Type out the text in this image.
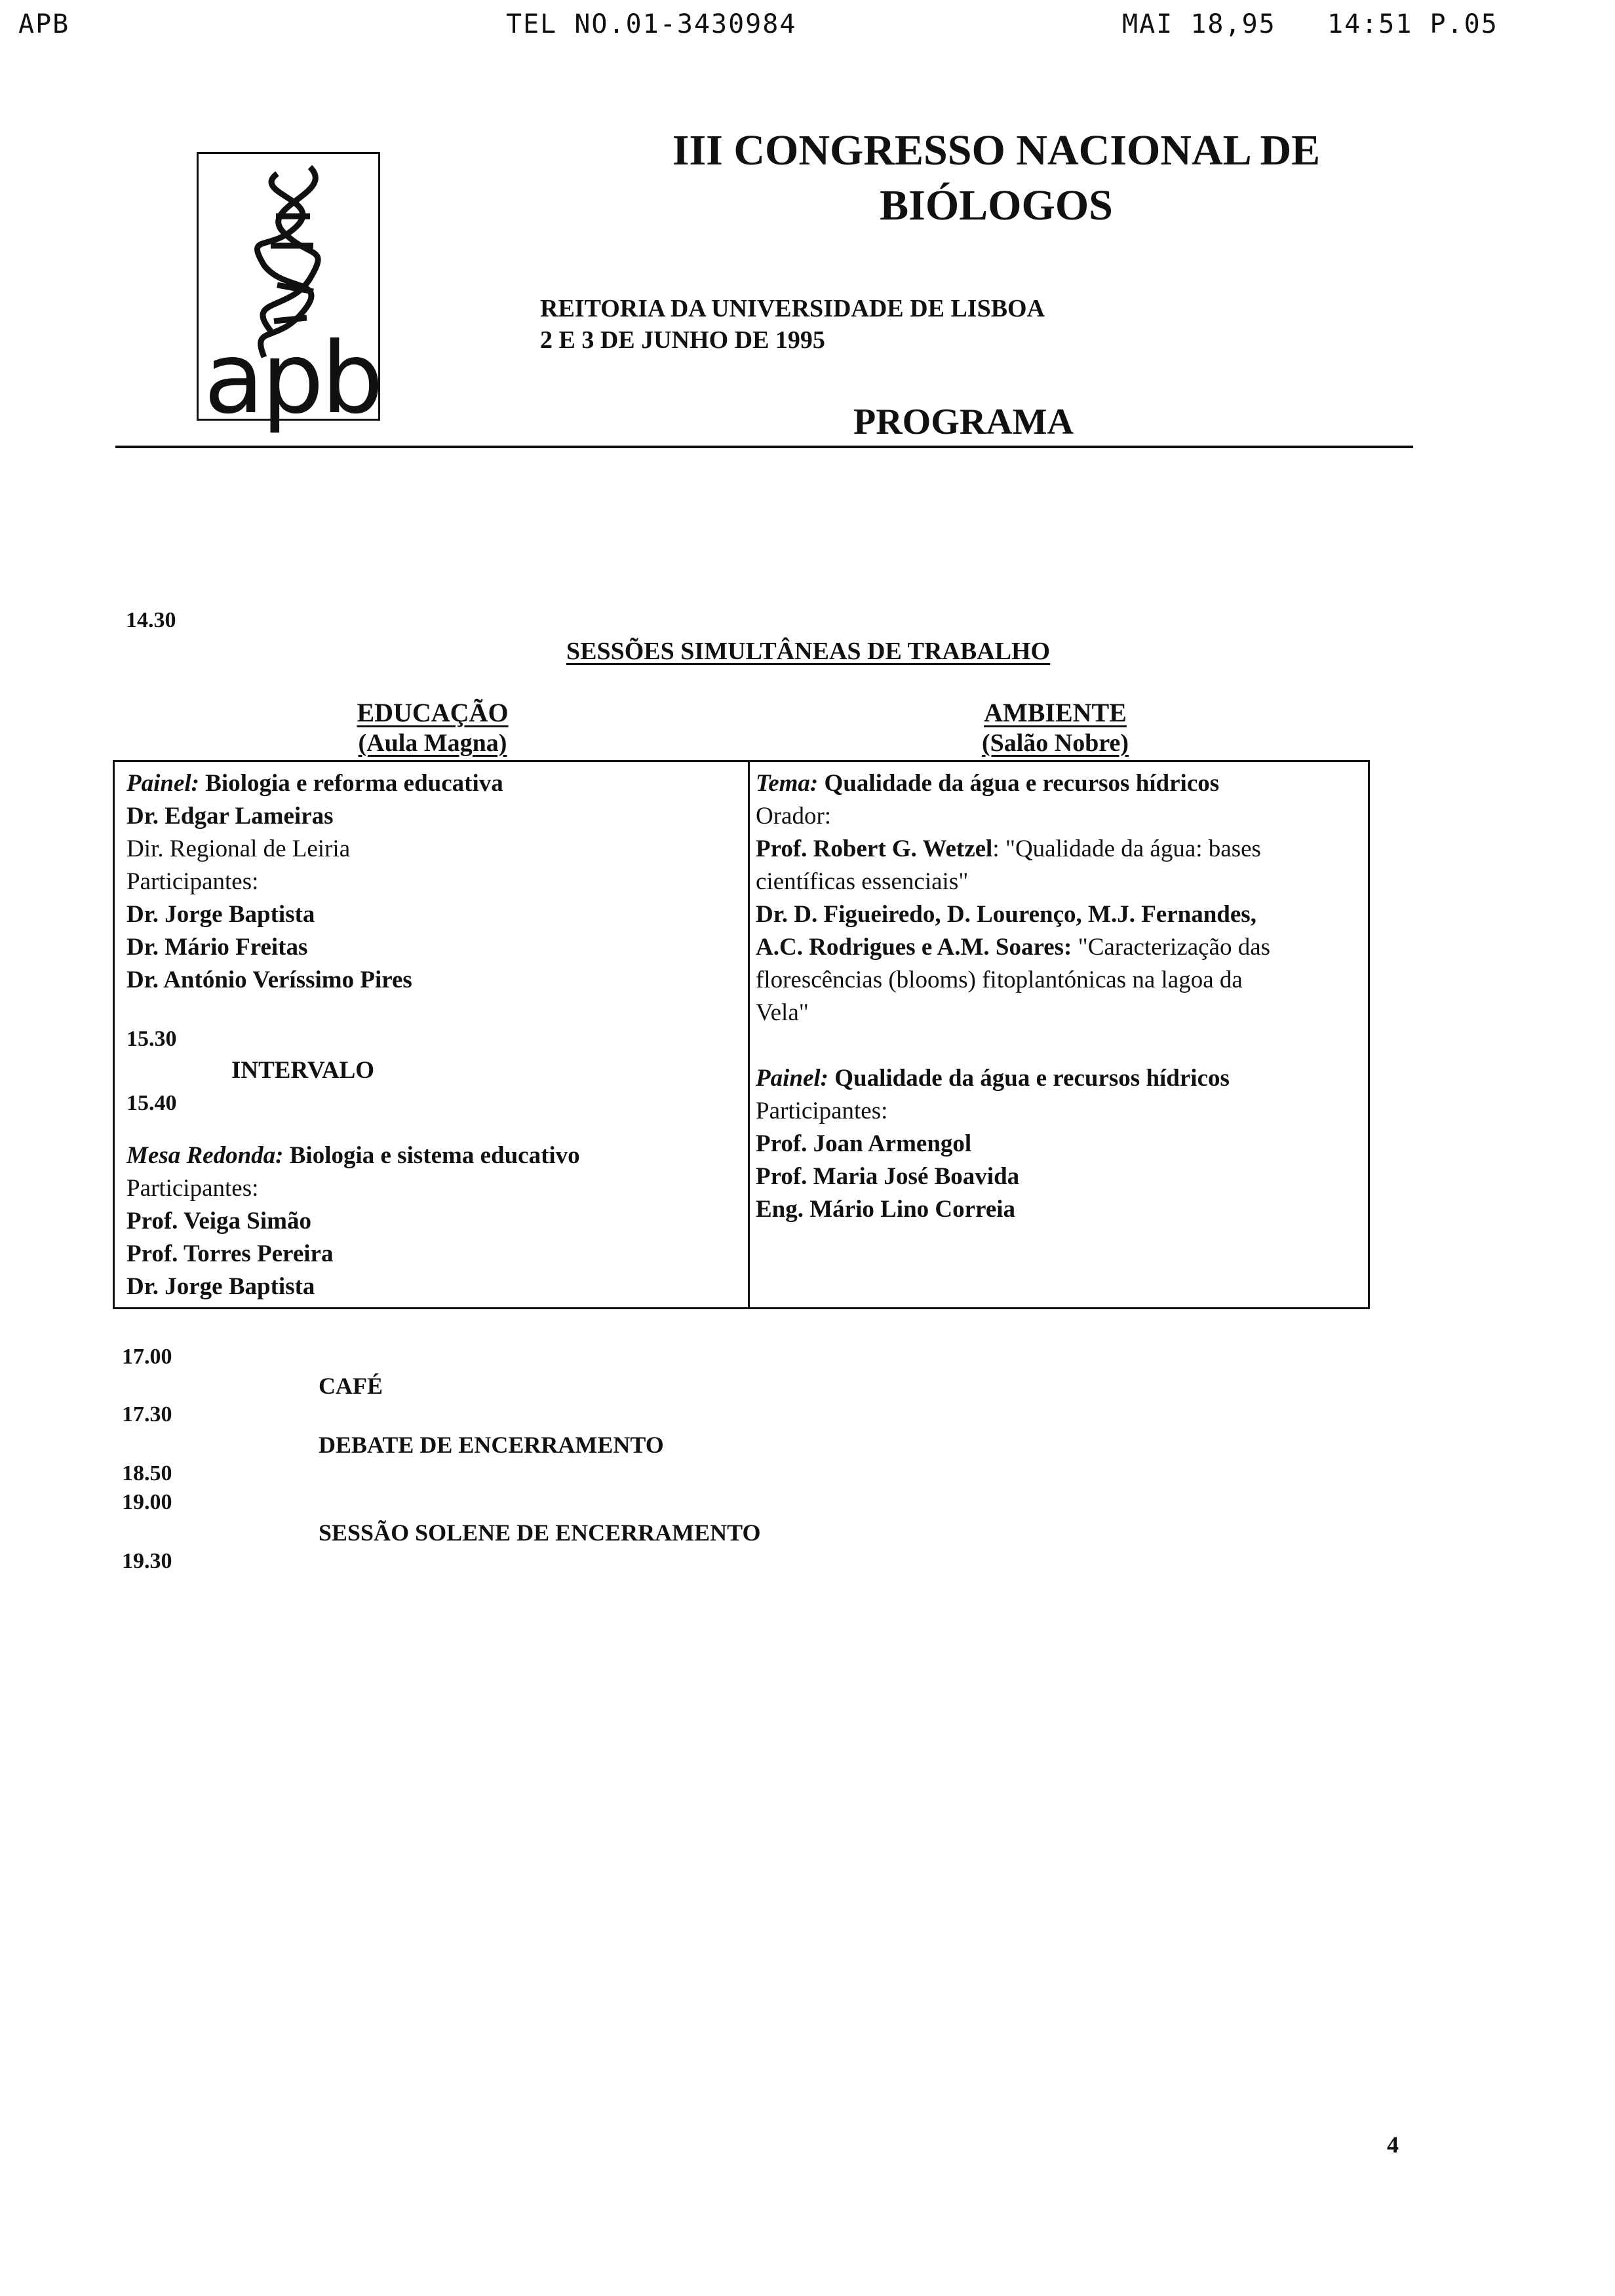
APB	TEL NO.01-3430984	MAI 18,95   14:51 P.05
apb
III CONGRESSO NACIONAL DE
BIÓLOGOS
REITORIA DA UNIVERSIDADE DE LISBOA
2 E 3 DE JUNHO DE 1995
PROGRAMA
14.30
SESSÕES SIMULTÂNEAS DE TRABALHO
EDUCAÇÃO
(Aula Magna)
AMBIENTE
(Salão Nobre)
Painel: Biologia e reforma educativa
Dr. Edgar Lameiras
Dir. Regional de Leiria
Participantes:
Dr. Jorge Baptista
Dr. Mário Freitas
Dr. António Veríssimo Pires
15.30
INTERVALO
15.40
Mesa Redonda: Biologia e sistema educativo
Participantes:
Prof. Veiga Simão
Prof. Torres Pereira
Dr. Jorge Baptista
Tema: Qualidade da água e recursos hídricos
Orador:
Prof. Robert G. Wetzel: "Qualidade da água: bases
científicas essenciais"
Dr. D. Figueiredo, D. Lourenço, M.J. Fernandes,
A.C. Rodrigues e A.M. Soares: "Caracterização das
florescências (blooms) fitoplantónicas na lagoa da
Vela"
Painel: Qualidade da água e recursos hídricos
Participantes:
Prof. Joan Armengol
Prof. Maria José Boavida
Eng. Mário Lino Correia
17.00
CAFÉ
17.30
DEBATE DE ENCERRAMENTO
18.50
19.00
SESSÃO SOLENE DE ENCERRAMENTO
19.30
4
